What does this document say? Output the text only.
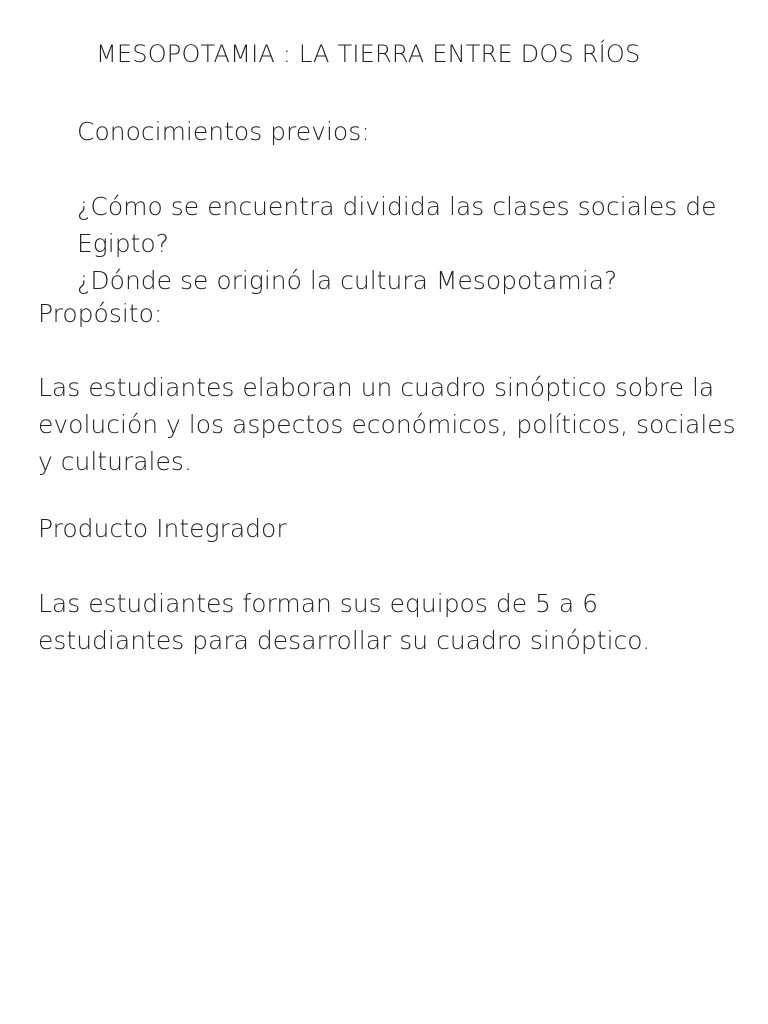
MESOPOTAMIA : LA TIERRA ENTRE DOS RÍOS
Conocimientos previos:
¿Cómo se encuentra dividida las clases sociales de Egipto?
¿Dónde se originó la cultura Mesopotamia?
Propósito:
Las estudiantes elaboran un cuadro sinóptico sobre la evolución y los aspectos económicos, políticos, sociales y culturales.
Producto Integrador
Las estudiantes forman sus equipos de 5 a 6 estudiantes para desarrollar su cuadro sinóptico.
